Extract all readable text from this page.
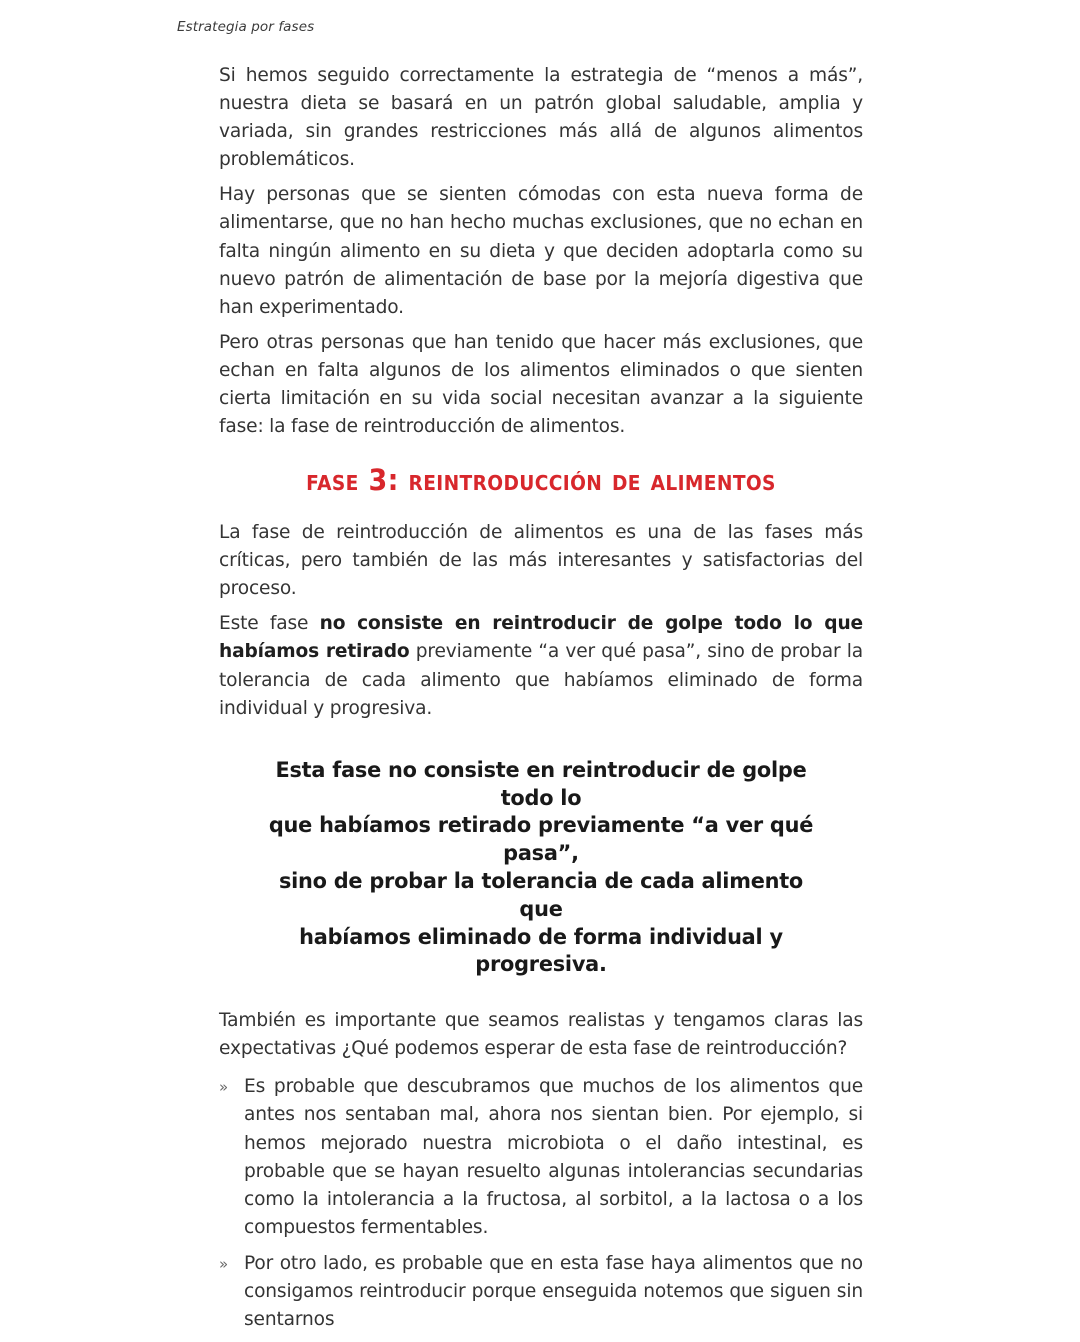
Estrategia por fases

Si hemos seguido correctamente la estrategia de “menos a más”, nuestra dieta se basará en un patrón global saludable, amplia y variada, sin grandes restricciones más allá de algunos alimentos problemáticos.

Hay personas que se sienten cómodas con esta nueva forma de alimentarse, que no han hecho muchas exclusiones, que no echan en falta ningún alimento en su dieta y que deciden adoptarla como su nuevo patrón de alimentación de base por la mejoría digestiva que han experimentado.

Pero otras personas que han tenido que hacer más exclusiones, que echan en falta algunos de los alimentos eliminados o que sienten cierta limitación en su vida social necesitan avanzar a la siguiente fase: la fase de reintroducción de alimentos.

fase 3: reintroducción de alimentos

La fase de reintroducción de alimentos es una de las fases más críticas, pero también de las más interesantes y satisfactorias del proceso.

Este fase no consiste en reintroducir de golpe todo lo que habíamos retirado previamente “a ver qué pasa”, sino de probar la tolerancia de cada alimento que habíamos eliminado de forma individual y progresiva.

Esta fase no consiste en reintroducir de golpe todo lo
que habíamos retirado previamente “a ver qué pasa”,
sino de probar la tolerancia de cada alimento que
habíamos eliminado de forma individual y progresiva.

También es importante que seamos realistas y tengamos claras las expectativas ¿Qué podemos esperar de esta fase de reintroducción?

» Es probable que descubramos que muchos de los alimentos que antes nos sentaban mal, ahora nos sientan bien. Por ejemplo, si hemos mejorado nuestra microbiota o el daño intestinal, es probable que se hayan resuelto algunas intolerancias secundarias como la intolerancia a la fructosa, al sorbitol, a la lactosa o a los compuestos fermentables.
» Por otro lado, es probable que en esta fase haya alimentos que no consigamos reintroducir porque enseguida notemos que siguen sin sentarnos
